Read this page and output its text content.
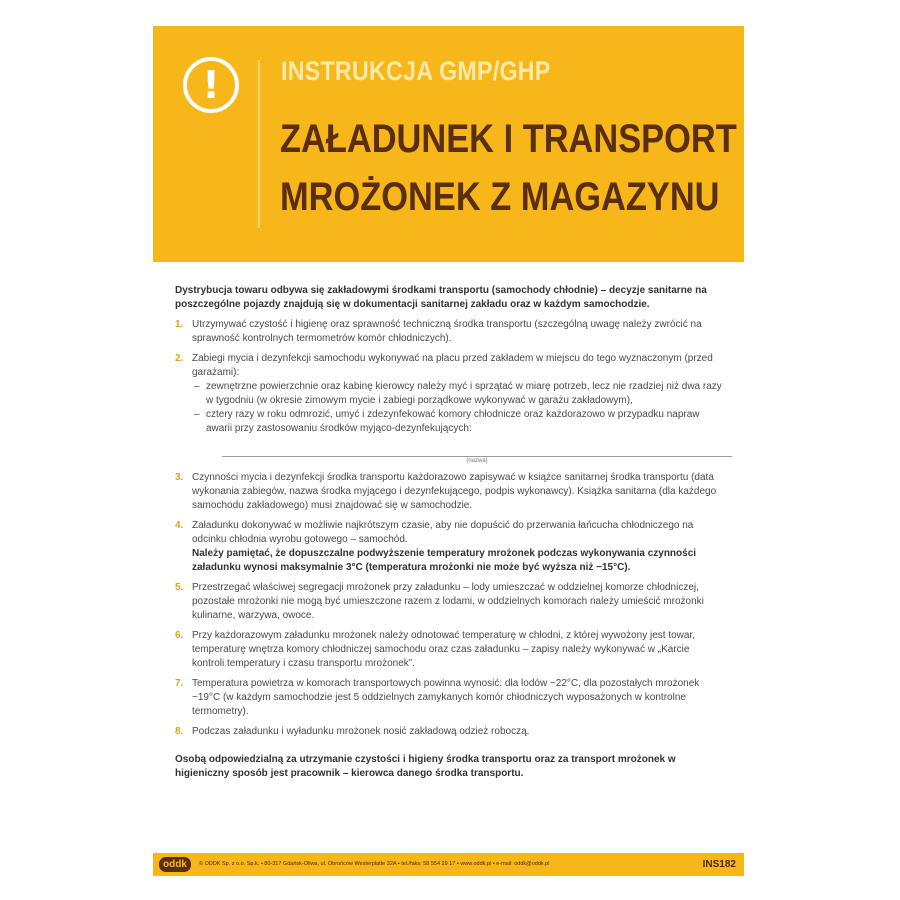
!	INSTRUKCJA GMP/GHP
ZAŁADUNEK I TRANSPORT
MROŻONEK Z MAGAZYNU

Dystrybucja towaru odbywa się zakładowymi środkami transportu (samochody chłodnie) – decyzje sanitarne na poszczególne pojazdy znajdują się w dokumentacji sanitarnej zakładu oraz w każdym samochodzie.

1. Utrzymywać czystość i higienę oraz sprawność techniczną środka transportu (szczególną uwagę należy zwrócić na sprawność kontrolnych termometrów komór chłodniczych).
2. Zabiegi mycia i dezynfekcji samochodu wykonywać na placu przed zakładem w miejscu do tego wyznaczonym (przed garażami):
– zewnętrzne powierzchnie oraz kabinę kierowcy należy myć i sprzątać w miarę potrzeb, lecz nie rzadziej niż dwa razy w tygodniu (w okresie zimowym mycie i zabiegi porządkowe wykonywać w garażu zakładowym),
– cztery razy w roku odmrozić, umyć i zdezynfekować komory chłodnicze oraz każdorazowo w przypadku napraw awarii przy zastosowaniu środków myjąco-dezynfekujących:
(nazwa)
3. Czynności mycia i dezynfekcji środka transportu każdorazowo zapisywać w książce sanitarnej środka transportu (data wykonania zabiegów, nazwa środka myjącego i dezynfekującego, podpis wykonawcy). Książka sanitarna (dla każdego samochodu zakładowego) musi znajdować się w samochodzie.
4. Załadunku dokonywać w możliwie najkrótszym czasie, aby nie dopuścić do przerwania łańcucha chłodniczego na odcinku chłodnia wyrobu gotowego – samochód.
Należy pamiętać, że dopuszczalne podwyższenie temperatury mrożonek podczas wykonywania czynności załadunku wynosi maksymalnie 3°C (temperatura mrożonki nie może być wyższa niż −15°C).
5. Przestrzegać właściwej segregacji mrożonek przy załadunku – lody umieszczać w oddzielnej komorze chłodniczej, pozostałe mrożonki nie mogą być umieszczone razem z lodami, w oddzielnych komorach należy umieścić mrożonki kulinarne, warzywa, owoce.
6. Przy każdorazowym załadunku mrożonek należy odnotować temperaturę w chłodni, z której wywożony jest towar, temperaturę wnętrza komory chłodniczej samochodu oraz czas załadunku – zapisy należy wykonywać w „Karcie kontroli temperatury i czasu transportu mrożonek”.
7. Temperatura powietrza w komorach transportowych powinna wynosić: dla lodów −22°C, dla pozostałych mrożonek −19°C (w każdym samochodzie jest 5 oddzielnych zamykanych komór chłodniczych wyposażonych w kontrolne termometry).
8. Podczas załadunku i wyładunku mrożonek nosić zakładową odzież roboczą.

Osobą odpowiedzialną za utrzymanie czystości i higieny środka transportu oraz za transport mrożonek w higieniczny sposób jest pracownik – kierowca danego środka transportu.

oddk	© ODDK Sp. z o.o. Sp.k. • 80-317 Gdańsk-Oliwa, ul. Obrońców Westerplatte 32A • tel./faks: 58 554 29 17 • www.oddk.pl • e-mail: oddk@oddk.pl	INS182
